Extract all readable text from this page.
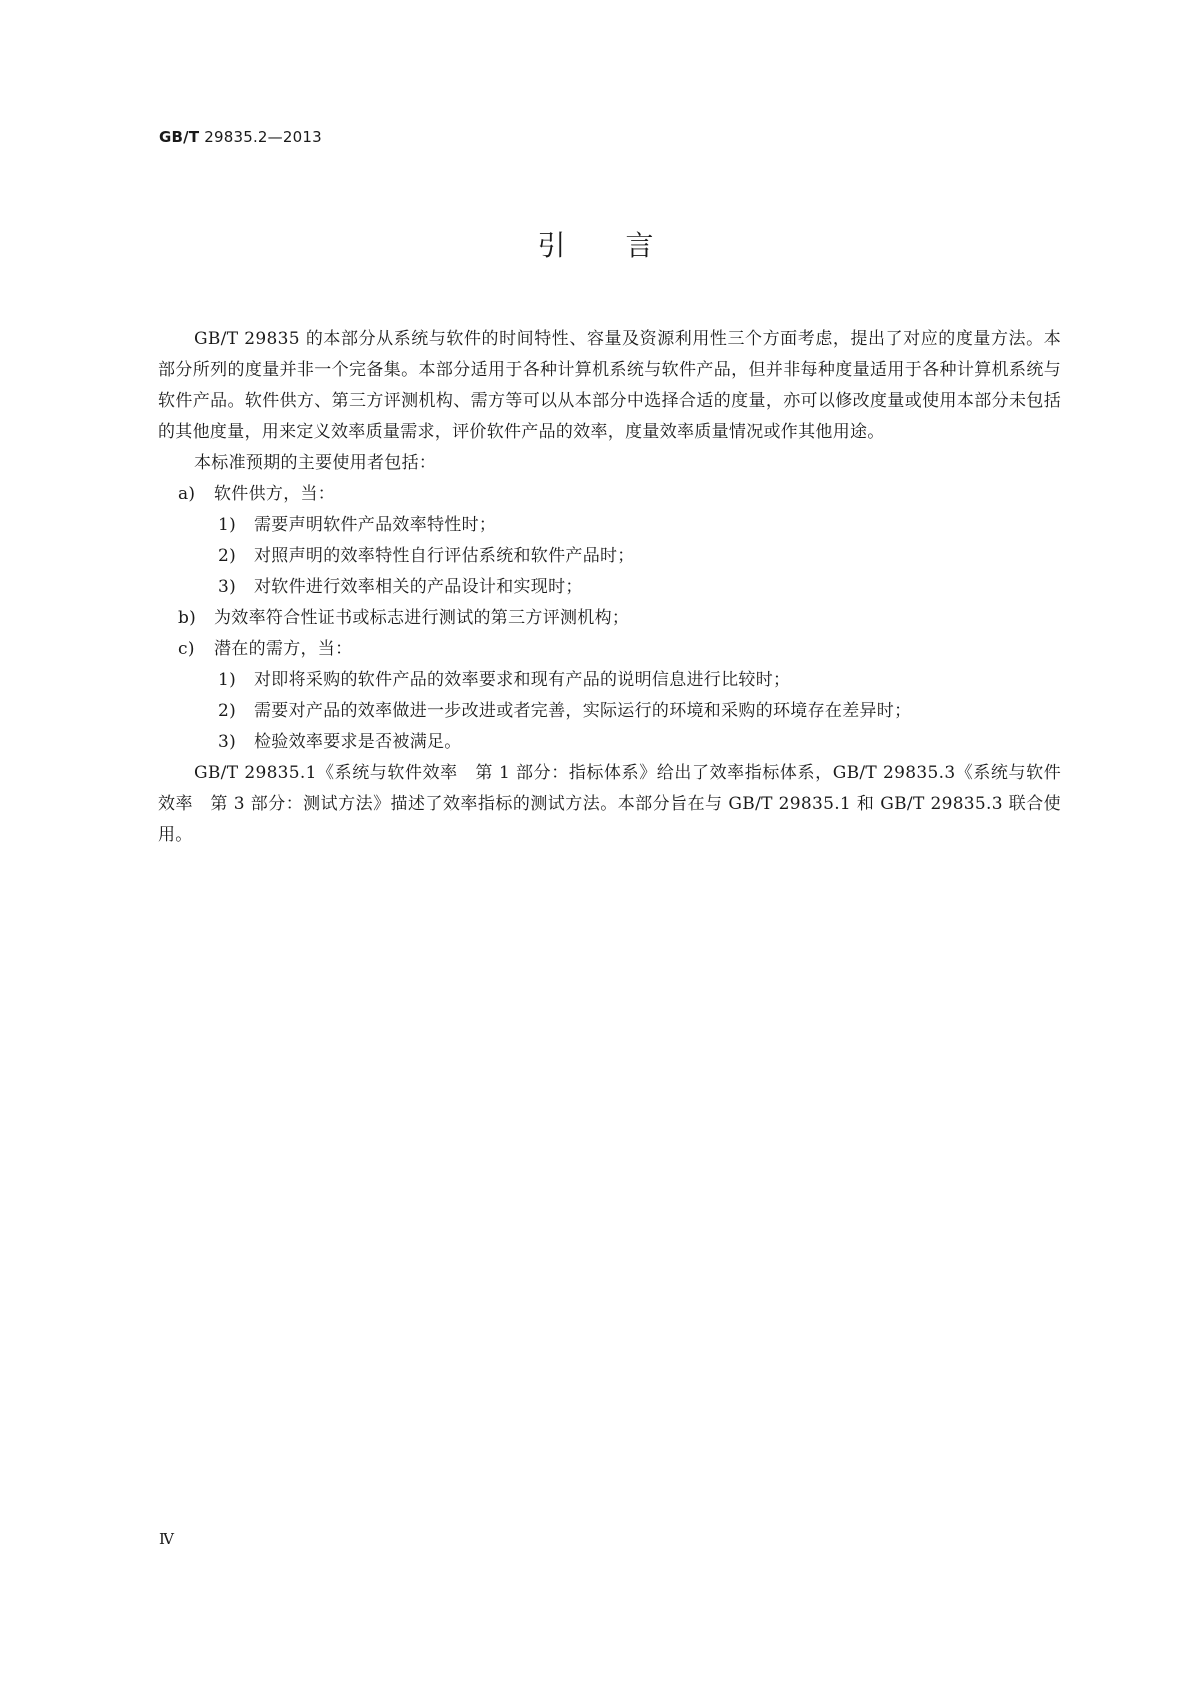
GB/T 29835.2—2013
引言

GB/T 29835 的本部分从系统与软件的时间特性、容量及资源利用性三个方面考虑，提出了对应的度量方法。本部分所列的度量并非一个完备集。本部分适用于各种计算机系统与软件产品，但并非每种度量适用于各种计算机系统与软件产品。软件供方、第三方评测机构、需方等可以从本部分中选择合适的度量，亦可以修改度量或使用本部分未包括的其他度量，用来定义效率质量需求，评价软件产品的效率，度量效率质量情况或作其他用途。

本标准预期的主要使用者包括：

a) 软件供方，当：

1) 需要声明软件产品效率特性时；

2) 对照声明的效率特性自行评估系统和软件产品时；

3) 对软件进行效率相关的产品设计和实现时；

b) 为效率符合性证书或标志进行测试的第三方评测机构；

c) 潜在的需方，当：

1) 对即将采购的软件产品的效率要求和现有产品的说明信息进行比较时；

2) 需要对产品的效率做进一步改进或者完善，实际运行的环境和采购的环境存在差异时；

3) 检验效率要求是否被满足。

GB/T 29835.1《系统与软件效率　第 1 部分：指标体系》给出了效率指标体系，GB/T 29835.3《系统与软件效率　第 3 部分：测试方法》描述了效率指标的测试方法。本部分旨在与 GB/T 29835.1 和 GB/T 29835.3 联合使用。

Ⅳ
